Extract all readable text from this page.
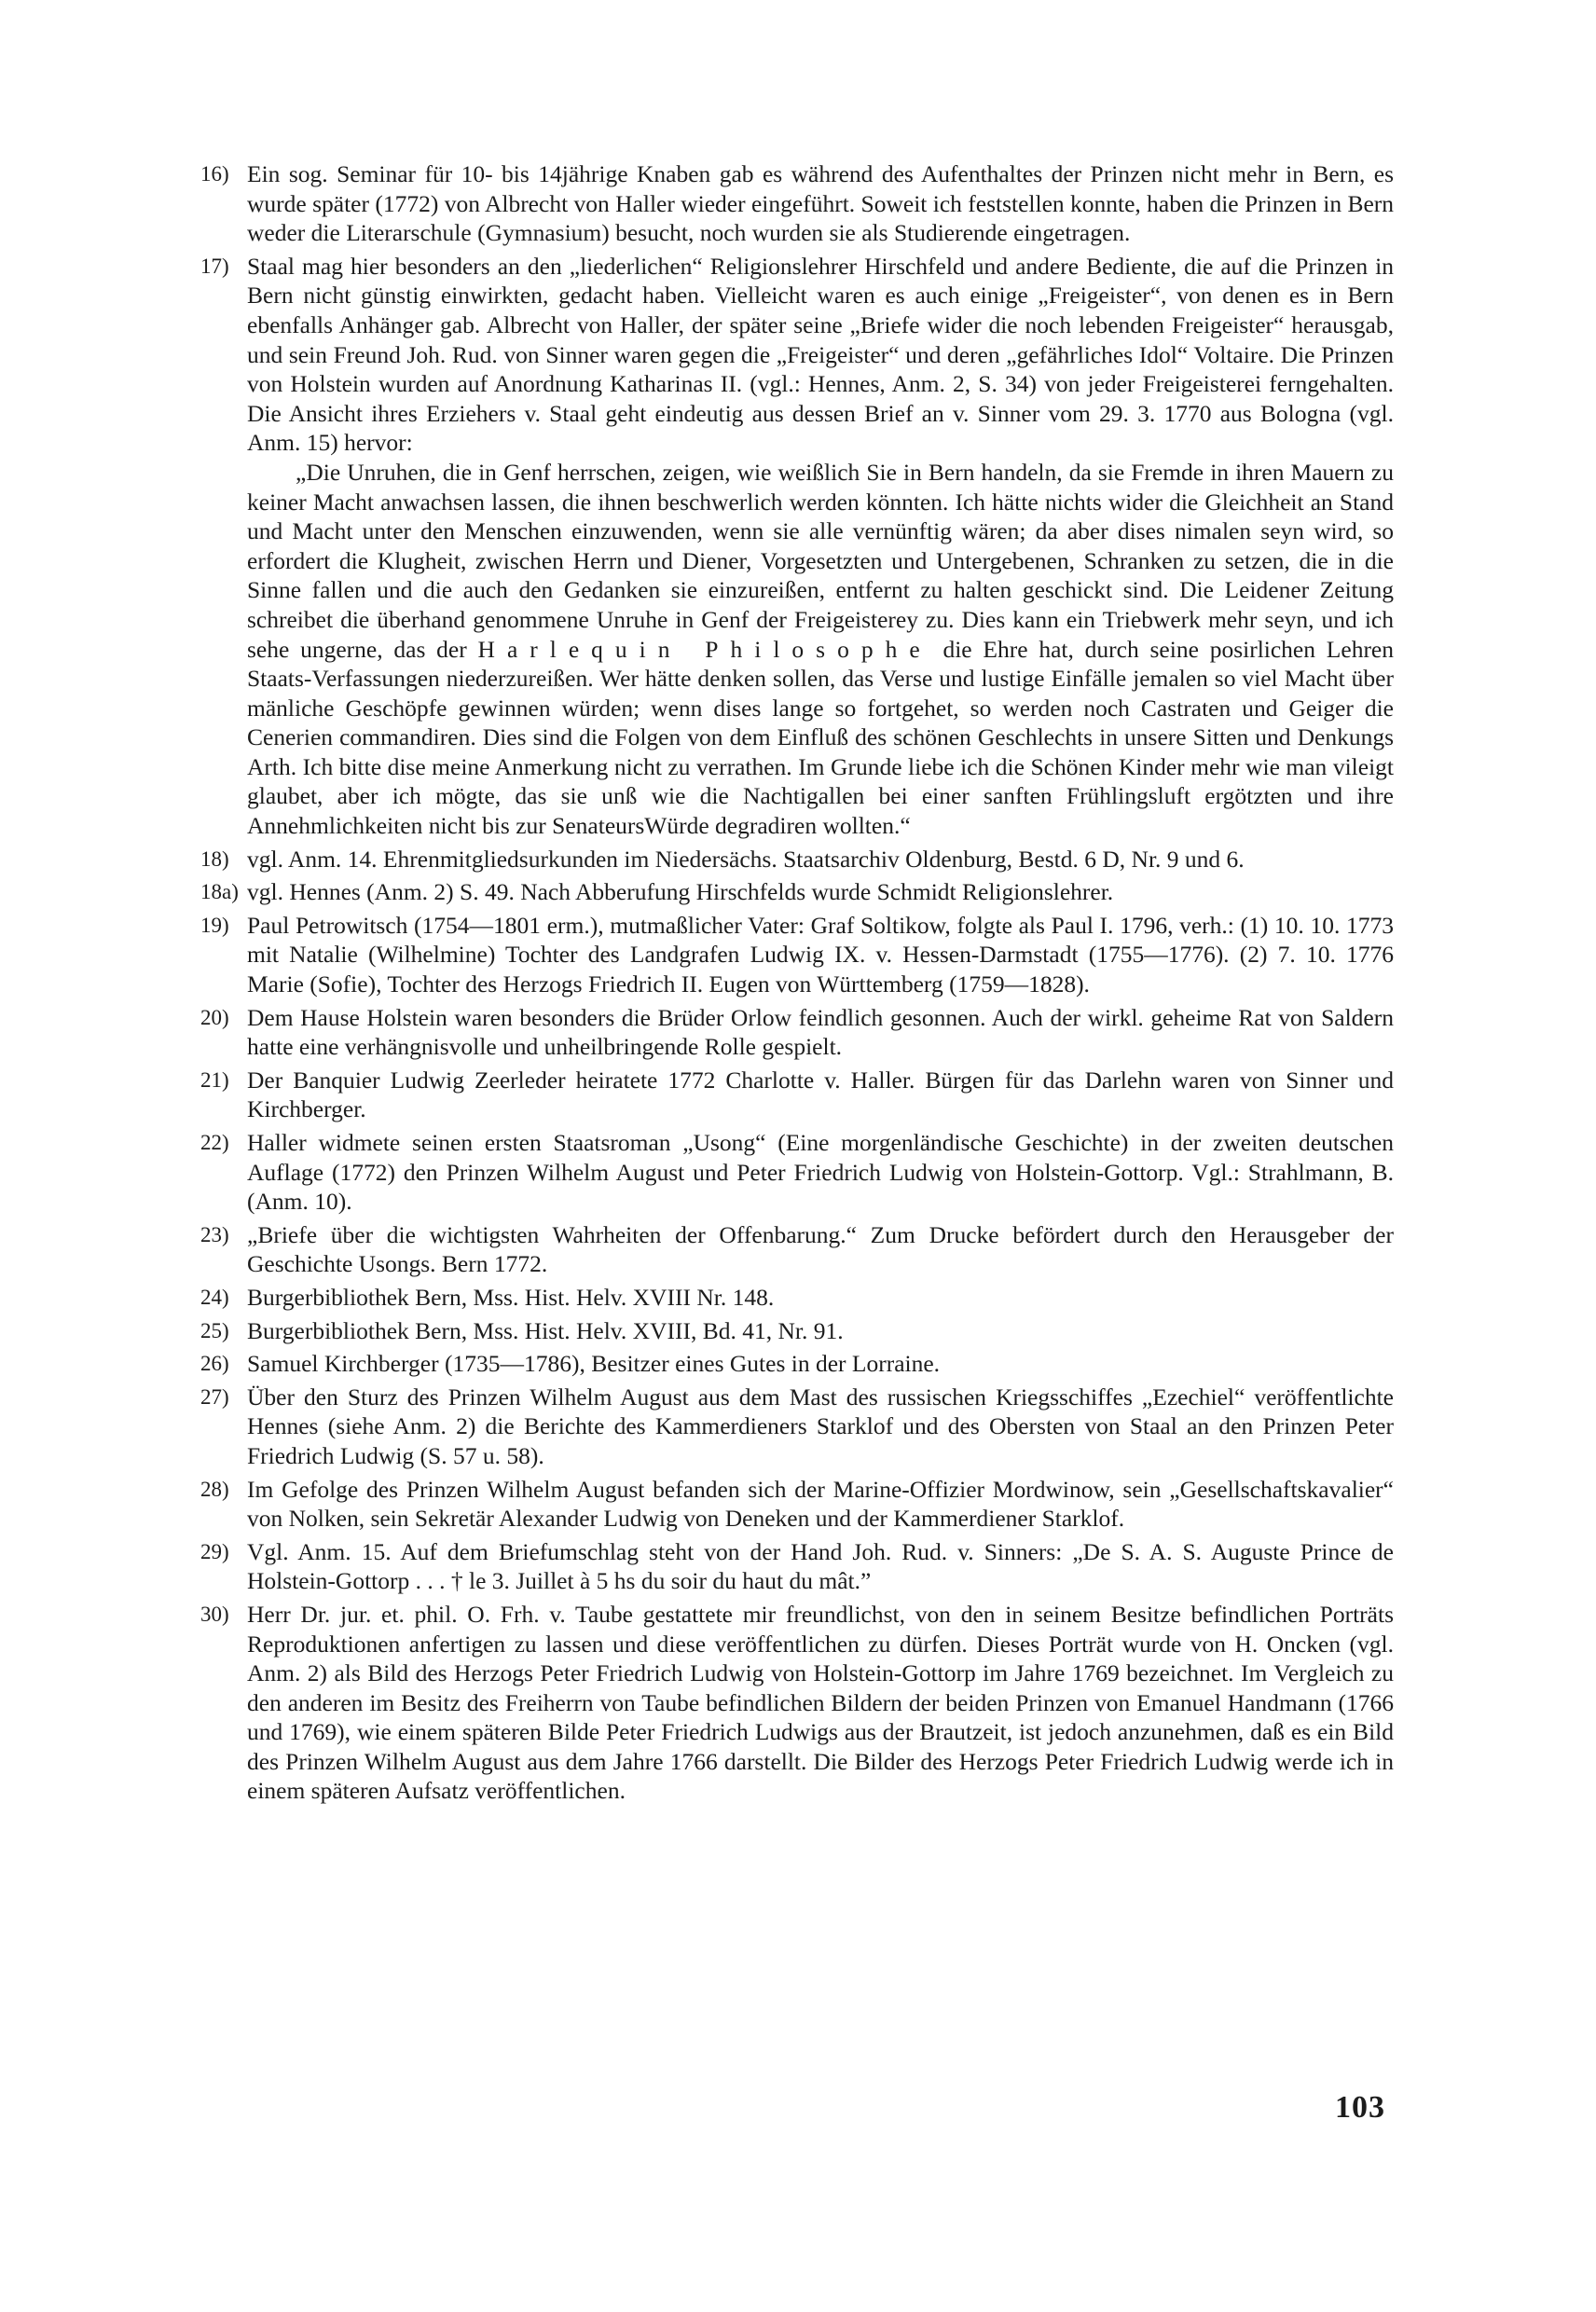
16) Ein sog. Seminar für 10- bis 14jährige Knaben gab es während des Aufenthaltes der Prinzen nicht mehr in Bern, es wurde später (1772) von Albrecht von Haller wieder eingeführt. Soweit ich feststellen konnte, haben die Prinzen in Bern weder die Literarschule (Gymnasium) besucht, noch wurden sie als Studierende eingetragen.

17) Staal mag hier besonders an den „liederlichen“ Religionslehrer Hirschfeld und andere Bediente, die auf die Prinzen in Bern nicht günstig einwirkten, gedacht haben. Vielleicht waren es auch einige „Freigeister“, von denen es in Bern ebenfalls Anhänger gab. Albrecht von Haller, der später seine „Briefe wider die noch lebenden Freigeister“ herausgab, und sein Freund Joh. Rud. von Sinner waren gegen die „Freigeister“ und deren „gefährliches Idol“ Voltaire. Die Prinzen von Holstein wurden auf Anordnung Katharinas II. (vgl.: Hennes, Anm. 2, S. 34) von jeder Freigeisterei ferngehalten. Die Ansicht ihres Erziehers v. Staal geht eindeutig aus dessen Brief an v. Sinner vom 29. 3. 1770 aus Bologna (vgl. Anm. 15) hervor:

„Die Unruhen, die in Genf herrschen, zeigen, wie weißlich Sie in Bern handeln, da sie Fremde in ihren Mauern zu keiner Macht anwachsen lassen, die ihnen beschwerlich werden könnten. Ich hätte nichts wider die Gleichheit an Stand und Macht unter den Menschen einzuwenden, wenn sie alle vernünftig wären; da aber dises nimalen seyn wird, so erfordert die Klugheit, zwischen Herrn und Diener, Vorgesetzten und Untergebenen, Schranken zu setzen, die in die Sinne fallen und die auch den Gedanken sie einzureißen, entfernt zu halten geschickt sind. Die Leidener Zeitung schreibet die überhand genommene Unruhe in Genf der Freigeisterey zu. Dies kann ein Triebwerk mehr seyn, und ich sehe ungerne, das der Harlequin Philosophe die Ehre hat, durch seine posirlichen Lehren Staats-Verfassungen niederzureißen. Wer hätte denken sollen, das Verse und lustige Einfälle jemalen so viel Macht über mänliche Geschöpfe gewinnen würden; wenn dises lange so fortgehet, so werden noch Castraten und Geiger die Cenerien commandiren. Dies sind die Folgen von dem Einfluß des schönen Geschlechts in unsere Sitten und Denkungs Arth. Ich bitte dise meine Anmerkung nicht zu verrathen. Im Grunde liebe ich die Schönen Kinder mehr wie man vileigt glaubet, aber ich mögte, das sie unß wie die Nachtigallen bei einer sanften Frühlingsluft ergötzten und ihre Annehmlichkeiten nicht bis zur SenateursWürde degradiren wollten.“

18) vgl. Anm. 14. Ehrenmitgliedsurkunden im Niedersächs. Staatsarchiv Oldenburg, Bestd. 6 D, Nr. 9 und 6.

18a) vgl. Hennes (Anm. 2) S. 49. Nach Abberufung Hirschfelds wurde Schmidt Religionslehrer.

19) Paul Petrowitsch (1754—1801 erm.), mutmaßlicher Vater: Graf Soltikow, folgte als Paul I. 1796, verh.: (1) 10. 10. 1773 mit Natalie (Wilhelmine) Tochter des Landgrafen Ludwig IX. v. Hessen-Darmstadt (1755—1776). (2) 7. 10. 1776 Marie (Sofie), Tochter des Herzogs Friedrich II. Eugen von Württemberg (1759—1828).

20) Dem Hause Holstein waren besonders die Brüder Orlow feindlich gesonnen. Auch der wirkl. geheime Rat von Saldern hatte eine verhängnisvolle und unheilbringende Rolle gespielt.

21) Der Banquier Ludwig Zeerleder heiratete 1772 Charlotte v. Haller. Bürgen für das Darlehn waren von Sinner und Kirchberger.

22) Haller widmete seinen ersten Staatsroman „Usong“ (Eine morgenländische Geschichte) in der zweiten deutschen Auflage (1772) den Prinzen Wilhelm August und Peter Friedrich Ludwig von Holstein-Gottorp. Vgl.: Strahlmann, B. (Anm. 10).

23) „Briefe über die wichtigsten Wahrheiten der Offenbarung.“ Zum Drucke befördert durch den Herausgeber der Geschichte Usongs. Bern 1772.

24) Burgerbibliothek Bern, Mss. Hist. Helv. XVIII Nr. 148.

25) Burgerbibliothek Bern, Mss. Hist. Helv. XVIII, Bd. 41, Nr. 91.

26) Samuel Kirchberger (1735—1786), Besitzer eines Gutes in der Lorraine.

27) Über den Sturz des Prinzen Wilhelm August aus dem Mast des russischen Kriegsschiffes „Ezechiel“ veröffentlichte Hennes (siehe Anm. 2) die Berichte des Kammerdieners Starklof und des Obersten von Staal an den Prinzen Peter Friedrich Ludwig (S. 57 u. 58).

28) Im Gefolge des Prinzen Wilhelm August befanden sich der Marine-Offizier Mordwinow, sein „Gesellschaftskavalier“ von Nolken, sein Sekretär Alexander Ludwig von Deneken und der Kammerdiener Starklof.

29) Vgl. Anm. 15. Auf dem Briefumschlag steht von der Hand Joh. Rud. v. Sinners: „De S. A. S. Auguste Prince de Holstein-Gottorp . . . † le 3. Juillet à 5 hs du soir du haut du mât.”

30) Herr Dr. jur. et. phil. O. Frh. v. Taube gestattete mir freundlichst, von den in seinem Besitze befindlichen Porträts Reproduktionen anfertigen zu lassen und diese veröffentlichen zu dürfen. Dieses Porträt wurde von H. Oncken (vgl. Anm. 2) als Bild des Herzogs Peter Friedrich Ludwig von Holstein-Gottorp im Jahre 1769 bezeichnet. Im Vergleich zu den anderen im Besitz des Freiherrn von Taube befindlichen Bildern der beiden Prinzen von Emanuel Handmann (1766 und 1769), wie einem späteren Bilde Peter Friedrich Ludwigs aus der Brautzeit, ist jedoch anzunehmen, daß es ein Bild des Prinzen Wilhelm August aus dem Jahre 1766 darstellt. Die Bilder des Herzogs Peter Friedrich Ludwig werde ich in einem späteren Aufsatz veröffentlichen.

103
